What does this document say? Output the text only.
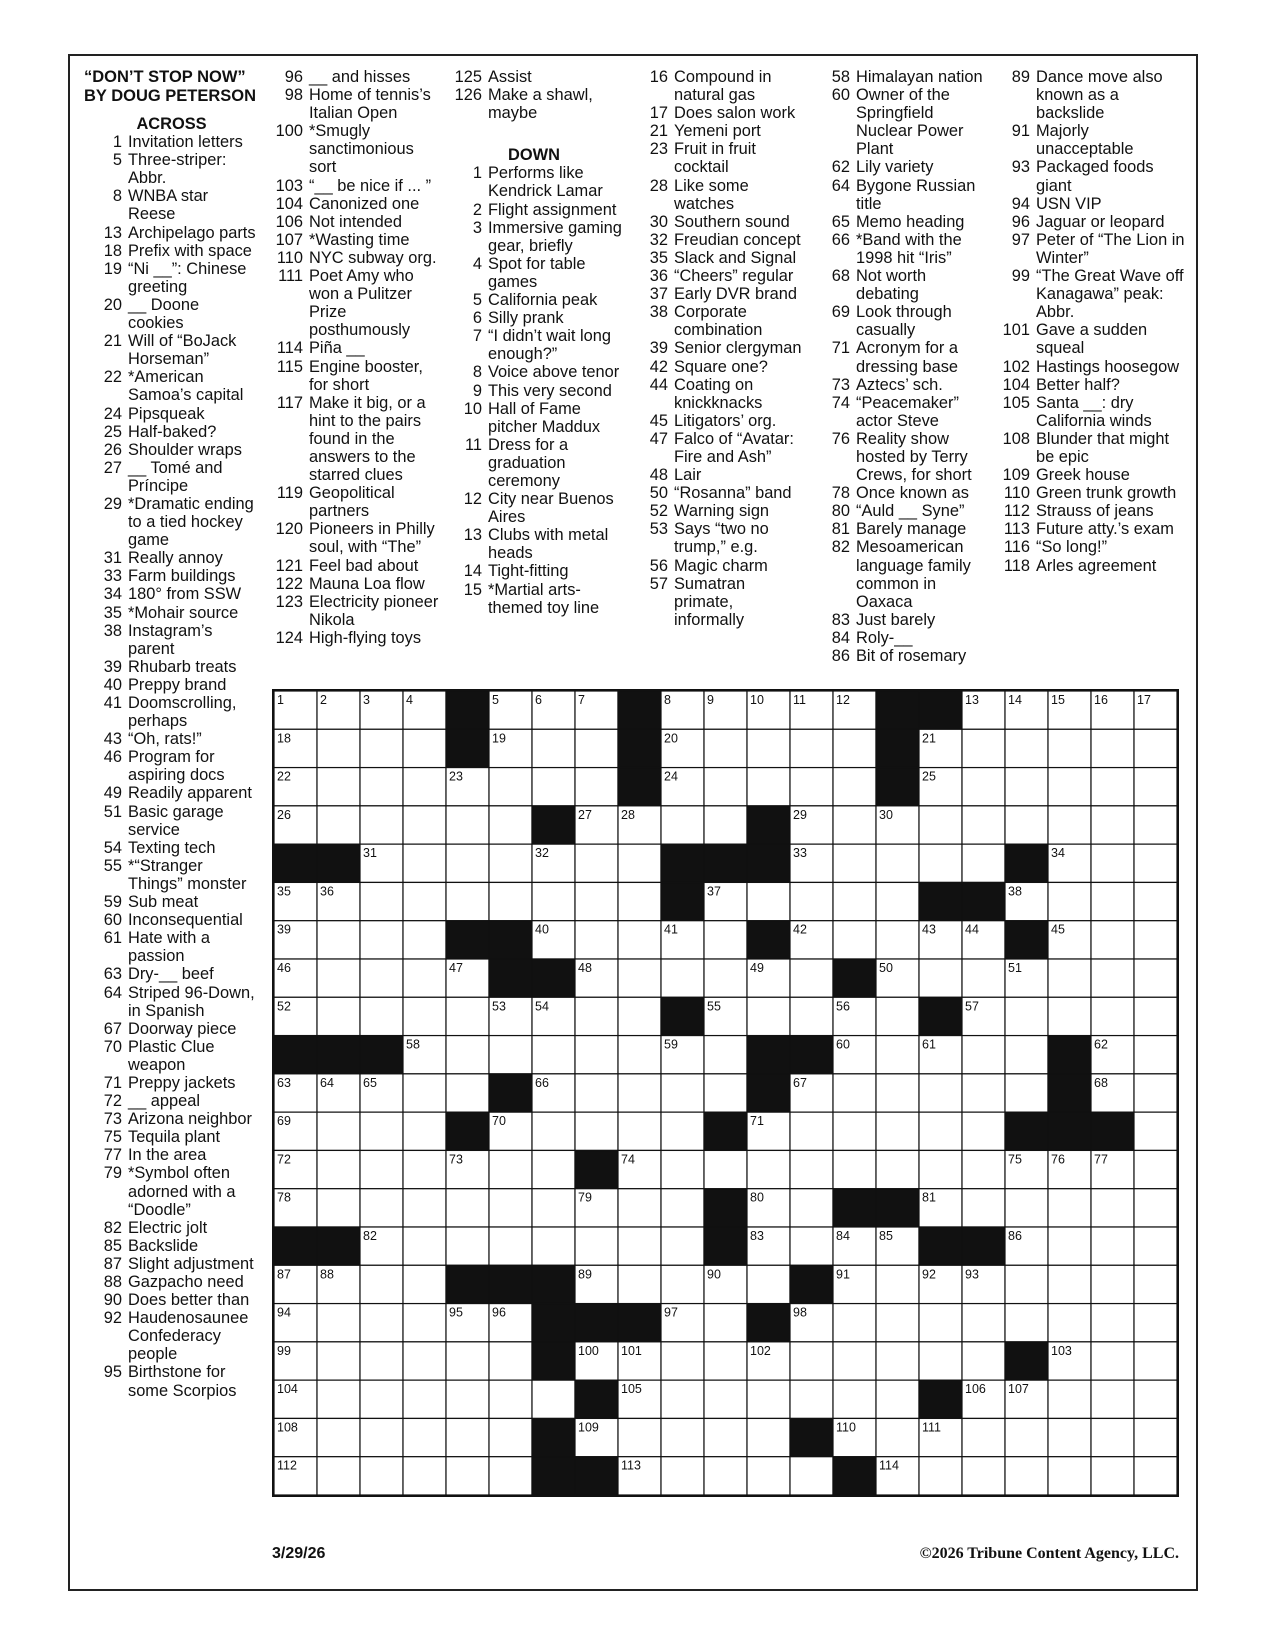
“DON’T STOP NOW” BY DOUG PETERSON
ACROSS
1 Invitation letters
5 Three-striper: Abbr.
8 WNBA star Reese
13 Archipelago parts
18 Prefix with space
19 “Ni __”: Chinese greeting
20 __ Doone cookies
21 Will of “BoJack Horseman”
22 *American Samoa’s capital
24 Pipsqueak
25 Half-baked?
26 Shoulder wraps
27 __ Tomé and Príncipe
29 *Dramatic ending to a tied hockey game
31 Really annoy
33 Farm buildings
34 180° from SSW
35 *Mohair source
38 Instagram’s parent
39 Rhubarb treats
40 Preppy brand
41 Doomscrolling, perhaps
43 “Oh, rats!”
46 Program for aspiring docs
49 Readily apparent
51 Basic garage service
54 Texting tech
55 *“Stranger Things” monster
59 Sub meat
60 Inconsequential
61 Hate with a passion
63 Dry-__ beef
64 Striped 96-Down, in Spanish
67 Doorway piece
70 Plastic Clue weapon
71 Preppy jackets
72 __ appeal
73 Arizona neighbor
75 Tequila plant
77 In the area
79 *Symbol often adorned with a “Doodle”
82 Electric jolt
85 Backslide
87 Slight adjustment
88 Gazpacho need
90 Does better than
92 Haudenosaunee Confederacy people
95 Birthstone for some Scorpios
96 __ and hisses
98 Home of tennis’s Italian Open
100 *Smugly sanctimonious sort
103 “__ be nice if ... ”
104 Canonized one
106 Not intended
107 *Wasting time
110 NYC subway org.
111 Poet Amy who won a Pulitzer Prize posthumously
114 Piña __
115 Engine booster, for short
117 Make it big, or a hint to the pairs found in the answers to the starred clues
119 Geopolitical partners
120 Pioneers in Philly soul, with “The”
121 Feel bad about
122 Mauna Loa flow
123 Electricity pioneer Nikola
124 High-flying toys
125 Assist
126 Make a shawl, maybe
DOWN
1 Performs like Kendrick Lamar
2 Flight assignment
3 Immersive gaming gear, briefly
4 Spot for table games
5 California peak
6 Silly prank
7 “I didn’t wait long enough?”
8 Voice above tenor
9 This very second
10 Hall of Fame pitcher Maddux
11 Dress for a graduation ceremony
12 City near Buenos Aires
13 Clubs with metal heads
14 Tight-fitting
15 *Martial arts-themed toy line
16 Compound in natural gas
17 Does salon work
21 Yemeni port
23 Fruit in fruit cocktail
28 Like some watches
30 Southern sound
32 Freudian concept
35 Slack and Signal
36 “Cheers” regular
37 Early DVR brand
38 Corporate combination
39 Senior clergyman
42 Square one?
44 Coating on knickknacks
45 Litigators’ org.
47 Falco of “Avatar: Fire and Ash”
48 Lair
50 “Rosanna” band
52 Warning sign
53 Says “two no trump,” e.g.
56 Magic charm
57 Sumatran primate, informally
58 Himalayan nation
60 Owner of the Springfield Nuclear Power Plant
62 Lily variety
64 Bygone Russian title
65 Memo heading
66 *Band with the 1998 hit “Iris”
68 Not worth debating
69 Look through casually
71 Acronym for a dressing base
73 Aztecs’ sch.
74 “Peacemaker” actor Steve
76 Reality show hosted by Terry Crews, for short
78 Once known as
80 “Auld __ Syne”
81 Barely manage
82 Mesoamerican language family common in Oaxaca
83 Just barely
84 Roly-__
86 Bit of rosemary
89 Dance move also known as a backslide
91 Majorly unacceptable
93 Packaged foods giant
94 USN VIP
96 Jaguar or leopard
97 Peter of “The Lion in Winter”
99 “The Great Wave off Kanagawa” peak: Abbr.
101 Gave a sudden squeal
102 Hastings hoosegow
104 Better half?
105 Santa __: dry California winds
108 Blunder that might be epic
109 Greek house
110 Green trunk growth
112 Strauss of jeans
113 Future atty.’s exam
116 “So long!”
118 Arles agreement
1	2	3	4	5	6	7	8	9	10 11 12	13 14 15 16 17
18	19	20	21
22	23	24	25
26	27 28	29	30
31	32	33	34
35 36	37	38
39	40	41	42	43 44	45
46	47	48	49	50	51
52	53 54	55	56	57
58	59	60	61	62
63 64 65	66	67	68
69	70	71
72	73	74	75 76 77
78	79	80	81
82	83	84 85	86
87 88	89	90	91	92 93
94	95 96	97	98
99	100 101	102	103
104	105	106 107
108	109	110	111
112	113	114
3/29/26	©2026 Tribune Content Agency, LLC.
